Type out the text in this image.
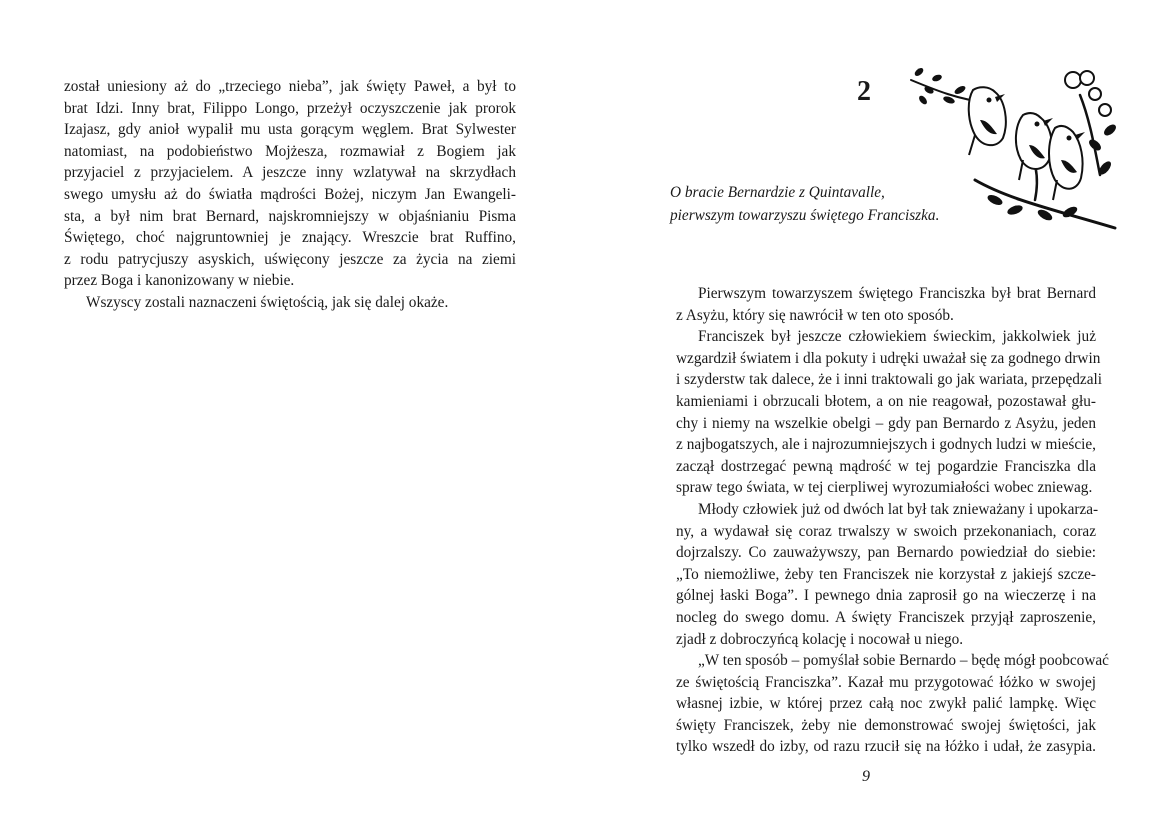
został uniesiony aż do „trzeciego nieba”, jak święty Paweł, a był to
brat Idzi. Inny brat, Filippo Longo, przeżył oczyszczenie jak prorok
Izajasz, gdy anioł wypalił mu usta gorącym węglem. Brat Sylwester
natomiast, na podobieństwo Mojżesza, rozmawiał z Bogiem jak
przyjaciel z przyjacielem. A jeszcze inny wzlatywał na skrzydłach
swego umysłu aż do światła mądrości Bożej, niczym Jan Ewangeli-
sta, a był nim brat Bernard, najskromniejszy w objaśnianiu Pisma
Świętego, choć najgruntowniej je znający. Wreszcie brat Ruffino,
z rodu patrycjuszy asyskich, uświęcony jeszcze za życia na ziemi
przez Boga i kanonizowany w niebie.
Wszyscy zostali naznaczeni świętością, jak się dalej okaże.
2
O bracie Bernardzie z Quintavalle,
pierwszym towarzyszu świętego Franciszka.
Pierwszym towarzyszem świętego Franciszka był brat Bernard
z Asyżu, który się nawrócił w ten oto sposób.
Franciszek był jeszcze człowiekiem świeckim, jakkolwiek już
wzgardził światem i dla pokuty i udręki uważał się za godnego drwin
i szyderstw tak dalece, że i inni traktowali go jak wariata, przepędzali
kamieniami i obrzucali błotem, a on nie reagował, pozostawał głu-
chy i niemy na wszelkie obelgi – gdy pan Bernardo z Asyżu, jeden
z najbogatszych, ale i najrozumniejszych i godnych ludzi w mieście,
zaczął dostrzegać pewną mądrość w tej pogardzie Franciszka dla
spraw tego świata, w tej cierpliwej wyrozumiałości wobec zniewag.
Młody człowiek już od dwóch lat był tak znieważany i upokarza-
ny, a wydawał się coraz trwalszy w swoich przekonaniach, coraz
dojrzalszy. Co zauważywszy, pan Bernardo powiedział do siebie:
„To niemożliwe, żeby ten Franciszek nie korzystał z jakiejś szcze-
gólnej łaski Boga”. I pewnego dnia zaprosił go na wieczerzę i na
nocleg do swego domu. A święty Franciszek przyjął zaproszenie,
zjadł z dobroczyńcą kolację i nocował u niego.
„W ten sposób – pomyślał sobie Bernardo – będę mógł poobcować
ze świętością Franciszka”. Kazał mu przygotować łóżko w swojej
własnej izbie, w której przez całą noc zwykł palić lampkę. Więc
święty Franciszek, żeby nie demonstrować swojej świętości, jak
tylko wszedł do izby, od razu rzucił się na łóżko i udał, że zasypia.
9
